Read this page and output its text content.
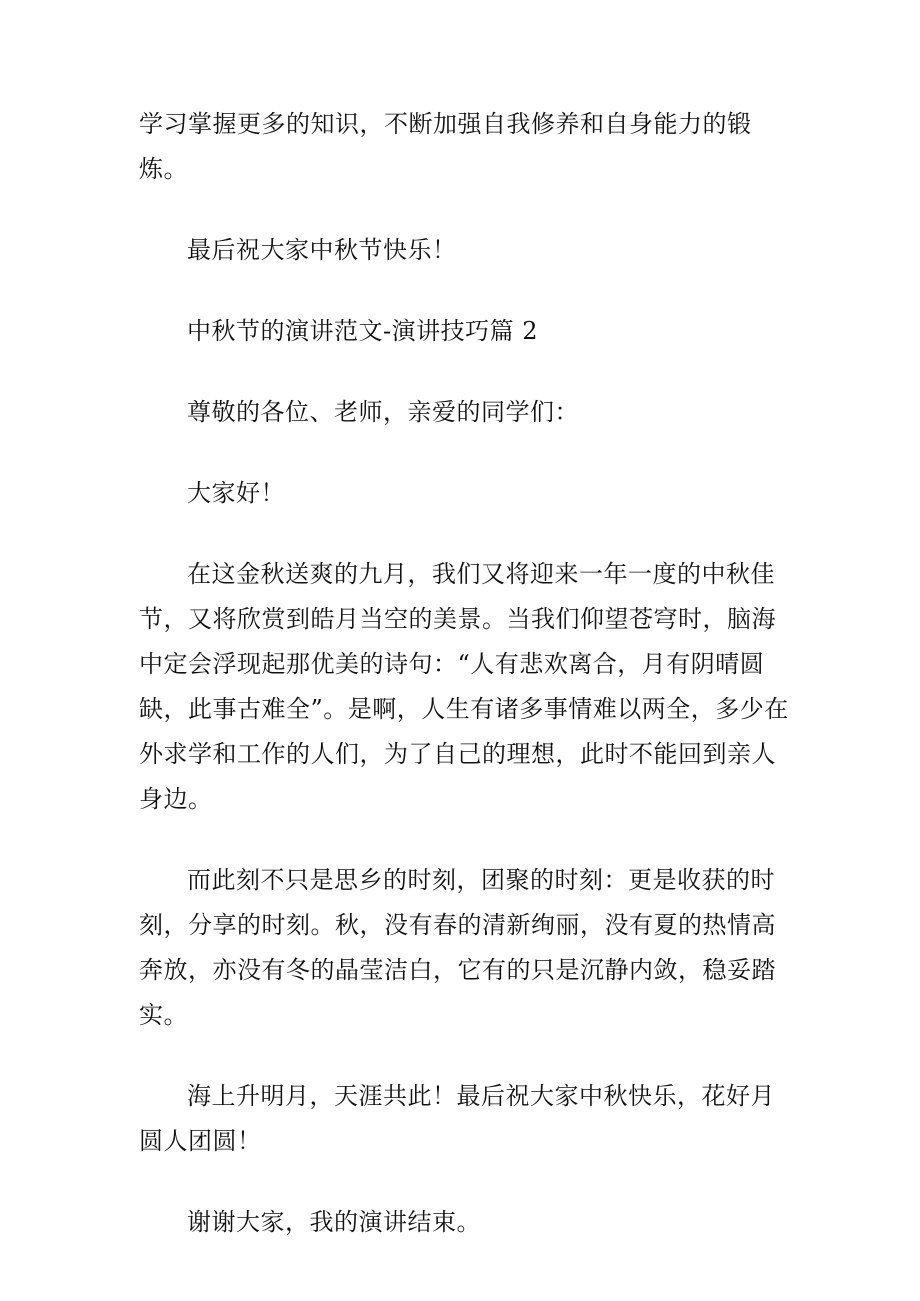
学习掌握更多的知识，不断加强自我修养和自身能力的锻炼。

最后祝大家中秋节快乐！

中秋节的演讲范文-演讲技巧篇 2

尊敬的各位、老师，亲爱的同学们：

大家好！

在这金秋送爽的九月，我们又将迎来一年一度的中秋佳节，又将欣赏到皓月当空的美景。当我们仰望苍穹时，脑海中定会浮现起那优美的诗句：“人有悲欢离合，月有阴晴圆缺，此事古难全”。是啊，人生有诸多事情难以两全，多少在外求学和工作的人们，为了自己的理想，此时不能回到亲人身边。

而此刻不只是思乡的时刻，团聚的时刻：更是收获的时刻，分享的时刻。秋，没有春的清新绚丽，没有夏的热情高奔放，亦没有冬的晶莹洁白，它有的只是沉静内敛，稳妥踏实。

海上升明月，天涯共此！最后祝大家中秋快乐，花好月圆人团圆！

谢谢大家，我的演讲结束。
